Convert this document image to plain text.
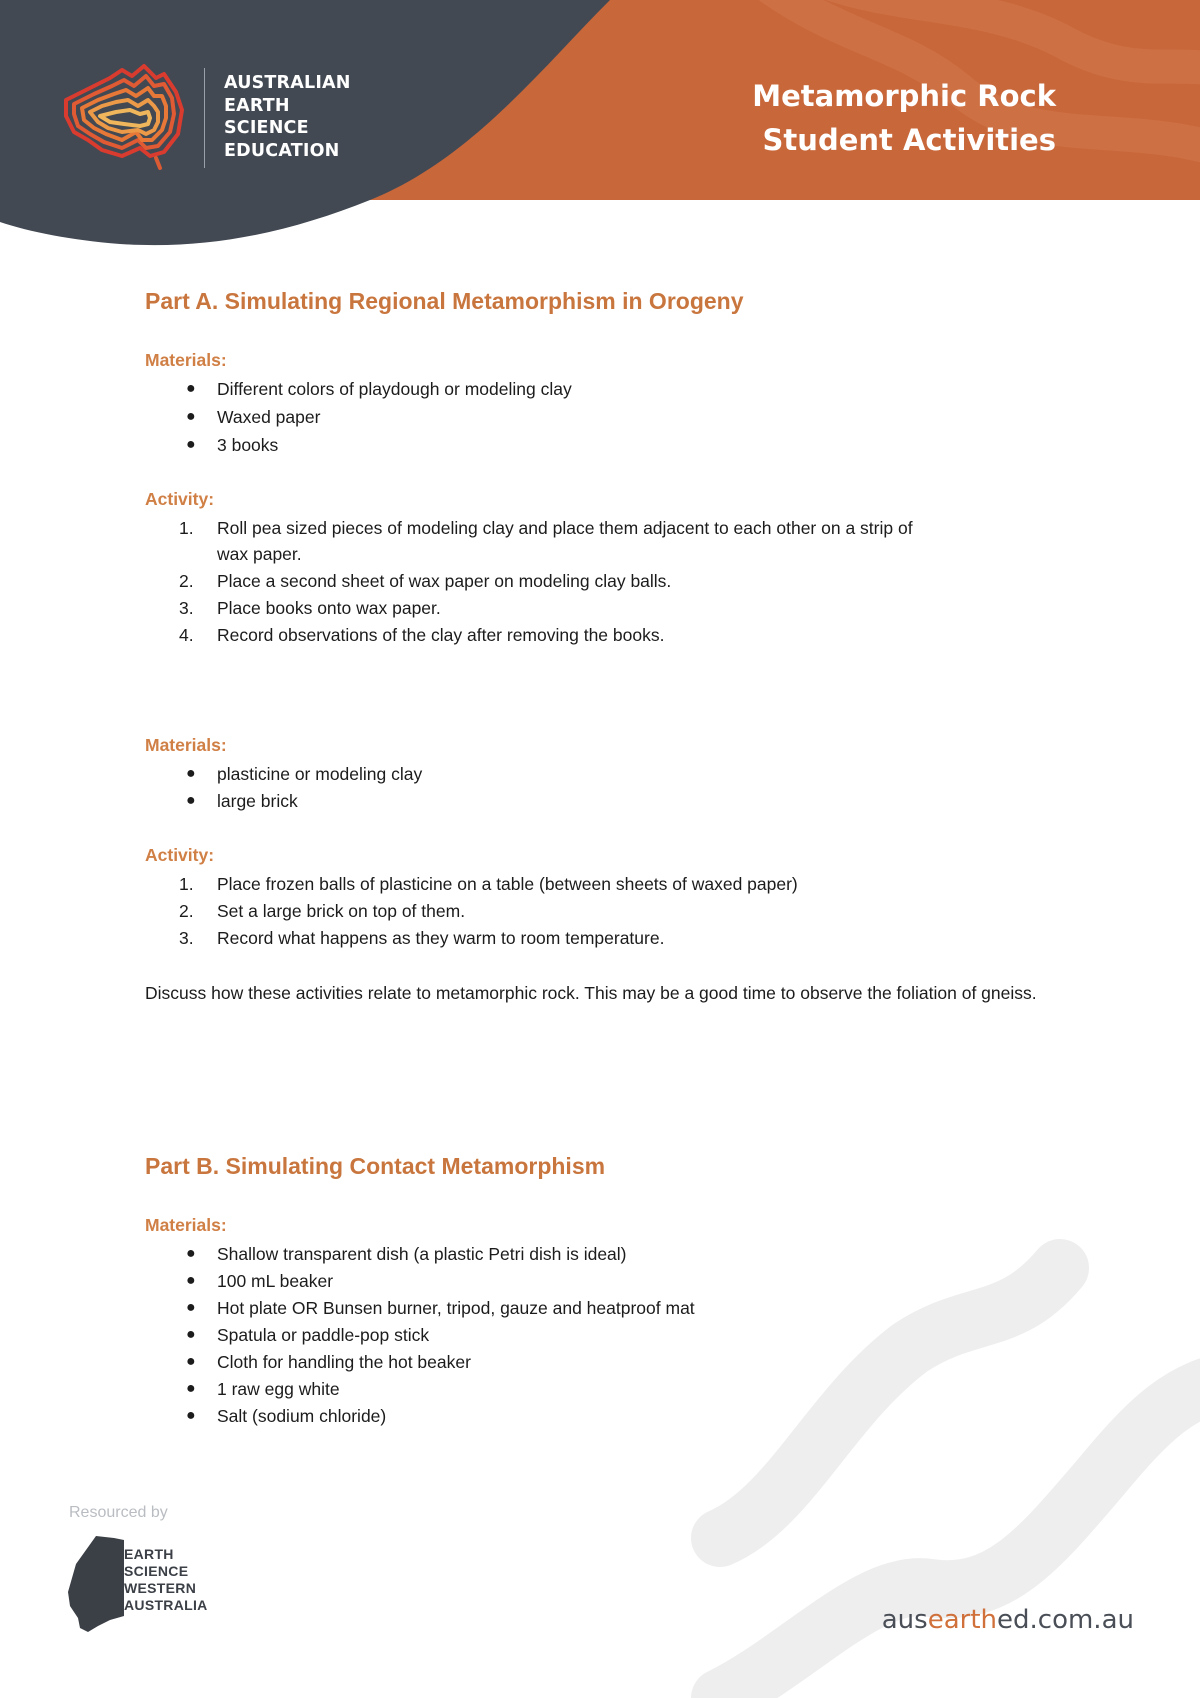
AUSTRALIAN
EARTH
SCIENCE
EDUCATION
Metamorphic Rock
Student Activities
Part A. Simulating Regional Metamorphism in Orogeny
Materials:
● Different colors of playdough or modeling clay
● Waxed paper
● 3 books
Activity:
1. Roll pea sized pieces of modeling clay and place them adjacent to each other on a strip of
wax paper.
2. Place a second sheet of wax paper on modeling clay balls.
3. Place books onto wax paper.
4. Record observations of the clay after removing the books.
Materials:
● plasticine or modeling clay
● large brick
Activity:
1. Place frozen balls of plasticine on a table (between sheets of waxed paper)
2. Set a large brick on top of them.
3. Record what happens as they warm to room temperature.
Discuss how these activities relate to metamorphic rock. This may be a good time to observe the foliation of gneiss.
Part B. Simulating Contact Metamorphism
Materials:
● Shallow transparent dish (a plastic Petri dish is ideal)
● 100 mL beaker
● Hot plate OR Bunsen burner, tripod, gauze and heatproof mat
● Spatula or paddle-pop stick
● Cloth for handling the hot beaker
● 1 raw egg white
● Salt (sodium chloride)
Resourced by
EARTH
SCIENCE
WESTERN
AUSTRALIA	ausearthed.com.au
